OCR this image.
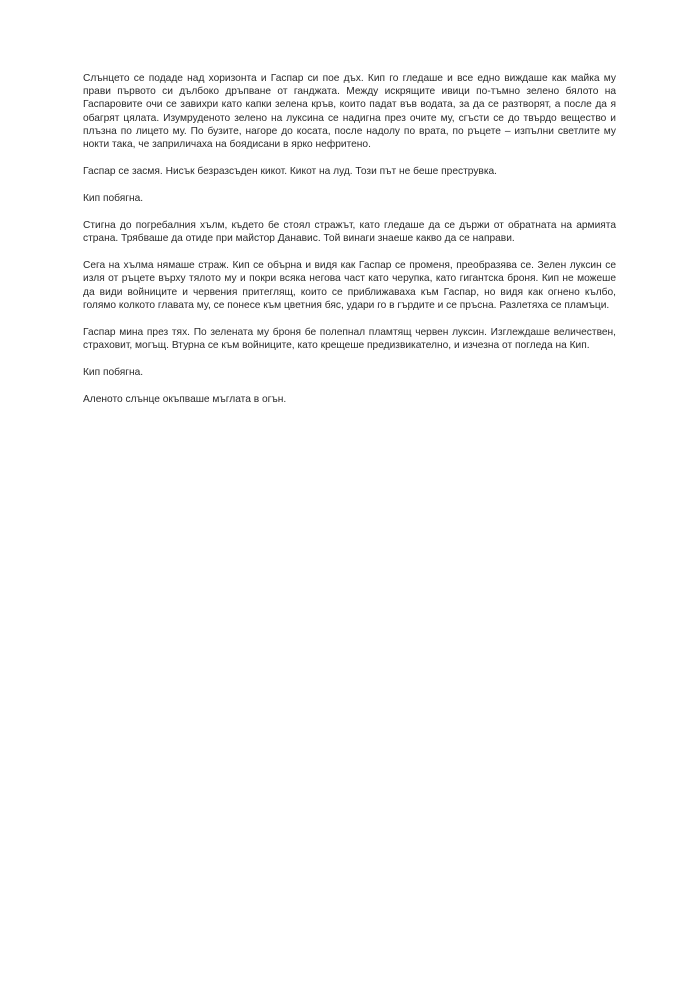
Слънцето се подаде над хоризонта и Гаспар си пое дъх. Кип го гледаше и все едно виждаше как майка му прави първото си дълбоко дръпване от ганджата. Между искрящите ивици по-тъмно зелено бялото на Гаспаровите очи се завихри като капки зелена кръв, които падат във водата, за да се разтворят, а после да я обагрят цялата. Изумруденото зелено на луксина се надигна през очите му, сгъсти се до твърдо вещество и плъзна по лицето му. По бузите, нагоре до косата, после надолу по врата, по ръцете – изпълни светлите му нокти така, че заприличаха на боядисани в ярко нефритено.

Гаспар се засмя. Нисък безразсъден кикот. Кикот на луд. Този път не беше преструвка.

Кип побягна.

Стигна до погребалния хълм, където бе стоял стражът, като гледаше да се държи от обратната на армията страна. Трябваше да отиде при майстор Данавис. Той винаги знаеше какво да се направи.

Сега на хълма нямаше страж. Кип се обърна и видя как Гаспар се променя, преобразява се. Зелен луксин се изля от ръцете върху тялото му и покри всяка негова част като черупка, като гигантска броня. Кип не можеше да види войниците и червения притеглящ, които се приближаваха към Гаспар, но видя как огнено кълбо, голямо колкото главата му, се понесе към цветния бяс, удари го в гърдите и се пръсна. Разлетяха се пламъци.

Гаспар мина през тях. По зелената му броня бе полепнал пламтящ червен луксин. Изглеждаше величествен, страховит, могъщ. Втурна се към войниците, като крещеше предизвикателно, и изчезна от погледа на Кип.

Кип побягна.

Аленото слънце окъпваше мъглата в огън.
